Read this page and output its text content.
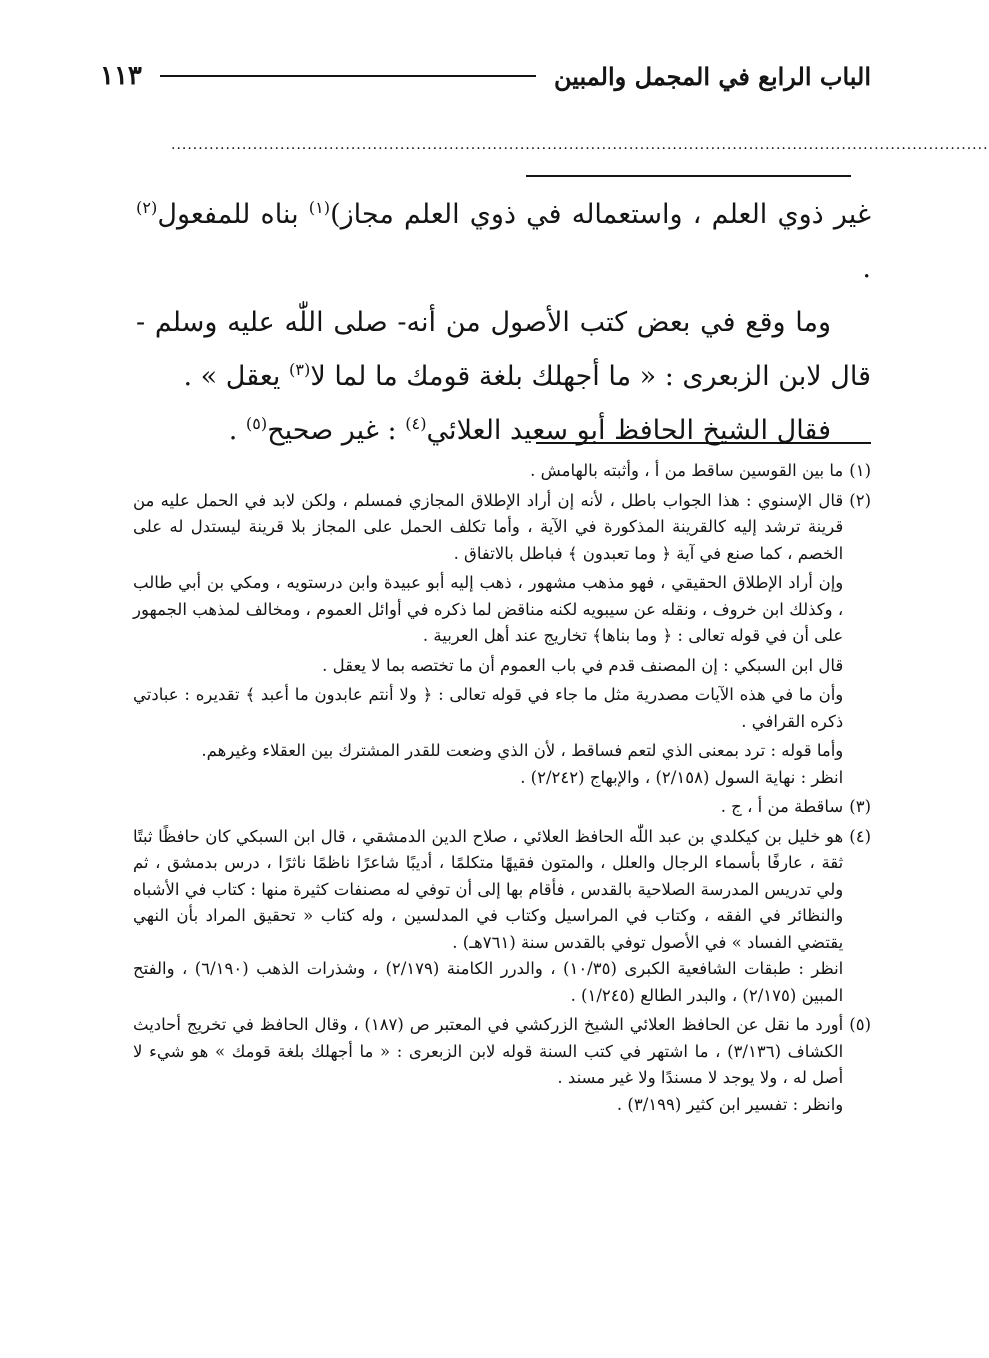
الباب الرابع في المجمل والمبين
١١٣
......................................................................................................................................................

غير ذوي العلم ، واستعماله في ذوي العلم مجاز)$^{(١)}$ بناه للمفعول$^{(٢)}$ .

وما وقع في بعض كتب الأصول من أنه- صلى اللّٰه عليه وسلم - قال لابن الزبعرى : « ما أجهلك بلغة قومك ما لما لا$^{(٣)}$ يعقل » .

فقال الشيخ الحافظ أبو سعيد العلائي$^{(٤)}$ : غير صحيح$^{(٥)}$ .

(١)

ما بين القوسين ساقط من أ ، وأثبته بالهامش .

(٢)

قال الإسنوي : هذا الجواب باطل ، لأنه إن أراد الإطلاق المجازي فمسلم ، ولكن لابد في الحمل عليه من قرينة ترشد إليه كالقرينة المذكورة في الآية ، وأما تكلف الحمل على المجاز بلا قرينة ليستدل له على الخصم ، كما صنع في آية ﴿ وما تعبدون ﴾ فباطل بالاتفاق .

وإن أراد الإطلاق الحقيقي ، فهو مذهب مشهور ، ذهب إليه أبو عبيدة وابن درستويه ، ومكي بن أبي طالب ، وكذلك ابن خروف ، ونقله عن سيبويه لكنه مناقض لما ذكره في أوائل العموم ، ومخالف لمذهب الجمهور على أن في قوله تعالى : ﴿ وما بناها﴾ تخاريج عند أهل العربية .

قال ابن السبكي : إن المصنف قدم في باب العموم أن ما تختصه بما لا يعقل .

وأن ما في هذه الآيات مصدرية مثل ما جاء في قوله تعالى : ﴿ ولا أنتم عابدون ما أعبد ﴾ تقديره : عبادتي ذكره القرافي .

وأما قوله : ترد بمعنى الذي لتعم فساقط ، لأن الذي وضعت للقدر المشترك بين العقلاء وغيرهم.

انظر : نهاية السول (٢/١٥٨) ، والإبهاج (٢/٢٤٢) .

(٣)

ساقطة من أ ، ج .

(٤)

هو خليل بن كيكلدي بن عبد اللّٰه الحافظ العلائي ، صلاح الدين الدمشقي ، قال ابن السبكي كان حافظًا ثبتًا ثقة ، عارفًا بأسماء الرجال والعلل ، والمتون فقيهًا متكلمًا ، أديبًا شاعرًا ناظمًا ناثرًا ، درس بدمشق ، ثم ولي تدريس المدرسة الصلاحية بالقدس ، فأقام بها إلى أن توفي له مصنفات كثيرة منها : كتاب في الأشباه والنظائر في الفقه ، وكتاب في المراسيل وكتاب في المدلسين ، وله كتاب « تحقيق المراد بأن النهي يقتضي الفساد » في الأصول توفي بالقدس سنة (٧٦١هـ) .

انظر : طبقات الشافعية الكبرى (١٠/٣٥) ، والدرر الكامنة (٢/١٧٩) ، وشذرات الذهب (٦/١٩٠) ، والفتح المبين (٢/١٧٥) ، والبدر الطالع (١/٢٤٥) .

(٥)

أورد ما نقل عن الحافظ العلائي الشيخ الزركشي في المعتبر ص (١٨٧) ، وقال الحافظ في تخريج أحاديث الكشاف (٣/١٣٦) ، ما اشتهر في كتب السنة قوله لابن الزبعرى : « ما أجهلك بلغة قومك » هو شيء لا أصل له ، ولا يوجد لا مسندًا ولا غير مسند .

وانظر : تفسير ابن كثير (٣/١٩٩) .
